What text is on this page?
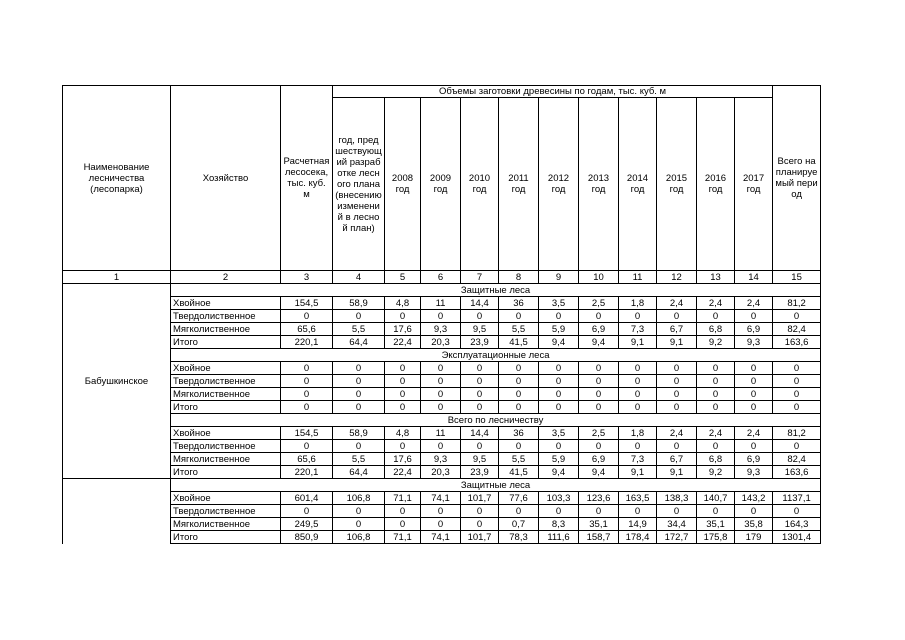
Наименование лесничества (лесопарка)	Хозяйство	Расчетная лесосека, тыс. куб. м	Объемы заготовки древесины по годам, тыс. куб. м											Всего на планируемый период
			год, предшествующий разработке лесного плана (внесению изменений в лесной план)	2008 год	2009 год	2010 год	2011 год	2012 год	2013 год	2014 год	2015 год	2016 год	2017 год	
1	2	3	4	5	6	7	8	9	10	11	12	13	14	15
Бабушкинское	Защитные леса													
	Хвойное	154,5	58,9	4,8	11	14,4	36	3,5	2,5	1,8	2,4	2,4	2,4	81,2
	Твердолиственное	0	0	0	0	0	0	0	0	0	0	0	0	0
	Мягколиственное	65,6	5,5	17,6	9,3	9,5	5,5	5,9	6,9	7,3	6,7	6,8	6,9	82,4
	Итого	220,1	64,4	22,4	20,3	23,9	41,5	9,4	9,4	9,1	9,1	9,2	9,3	163,6
	Эксплуатационные леса													
	Хвойное	0	0	0	0	0	0	0	0	0	0	0	0	0
	Твердолиственное	0	0	0	0	0	0	0	0	0	0	0	0	0
	Мягколиственное	0	0	0	0	0	0	0	0	0	0	0	0	0
	Итого	0	0	0	0	0	0	0	0	0	0	0	0	0
	Всего по лесничеству													
	Хвойное	154,5	58,9	4,8	11	14,4	36	3,5	2,5	1,8	2,4	2,4	2,4	81,2
	Твердолиственное	0	0	0	0	0	0	0	0	0	0	0	0	0
	Мягколиственное	65,6	5,5	17,6	9,3	9,5	5,5	5,9	6,9	7,3	6,7	6,8	6,9	82,4
	Итого	220,1	64,4	22,4	20,3	23,9	41,5	9,4	9,4	9,1	9,1	9,2	9,3	163,6
	Защитные леса													
	Хвойное	601,4	106,8	71,1	74,1	101,7	77,6	103,3	123,6	163,5	138,3	140,7	143,2	1137,1
	Твердолиственное	0	0	0	0	0	0	0	0	0	0	0	0	0
	Мягколиственное	249,5	0	0	0	0	0,7	8,3	35,1	14,9	34,4	35,1	35,8	164,3
	Итого	850,9	106,8	71,1	74,1	101,7	78,3	111,6	158,7	178,4	172,7	175,8	179	1301,4
